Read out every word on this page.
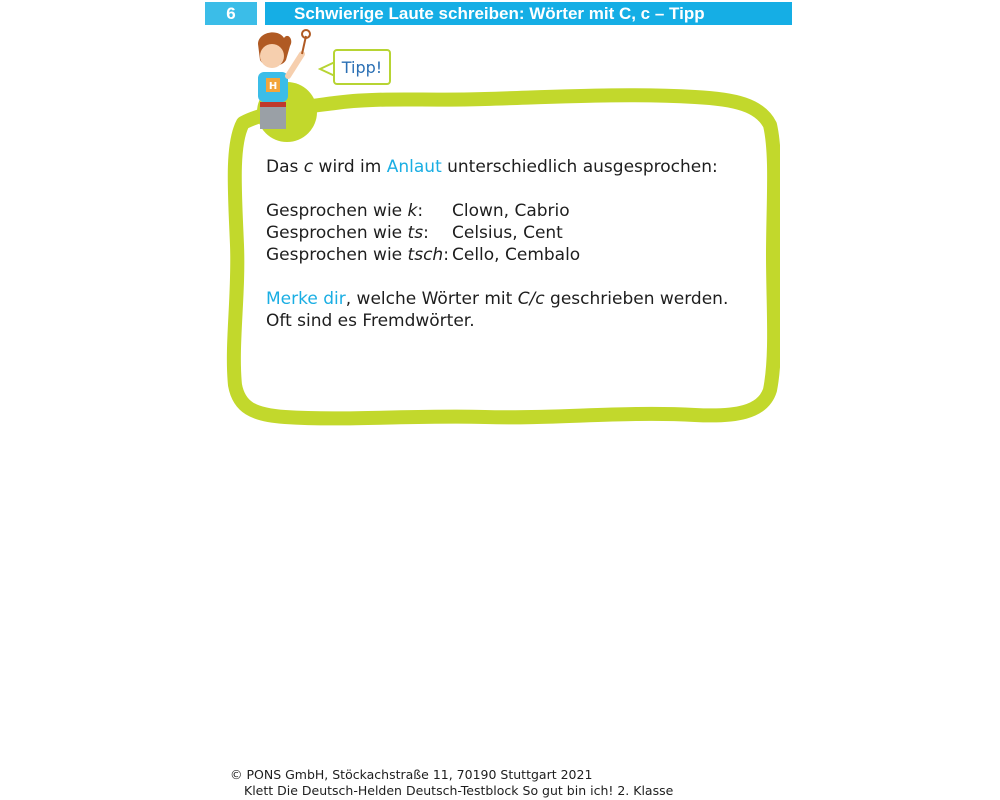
6	Schwierige Laute schreiben: Wörter mit C, c – Tipp
H
Tipp!

Das c wird im Anlaut unterschiedlich ausgesprochen:

Gesprochen wie k:	Clown, Cabrio
Gesprochen wie ts:	Celsius, Cent
Gesprochen wie tsch: Cello, Cembalo

Merke dir, welche Wörter mit C/c geschrieben werden.

Oft sind es Fremdwörter.

© PONS GmbH, Stöckachstraße 11, 70190 Stuttgart 2021
Klett Die Deutsch-Helden Deutsch-Testblock So gut bin ich! 2. Klasse
